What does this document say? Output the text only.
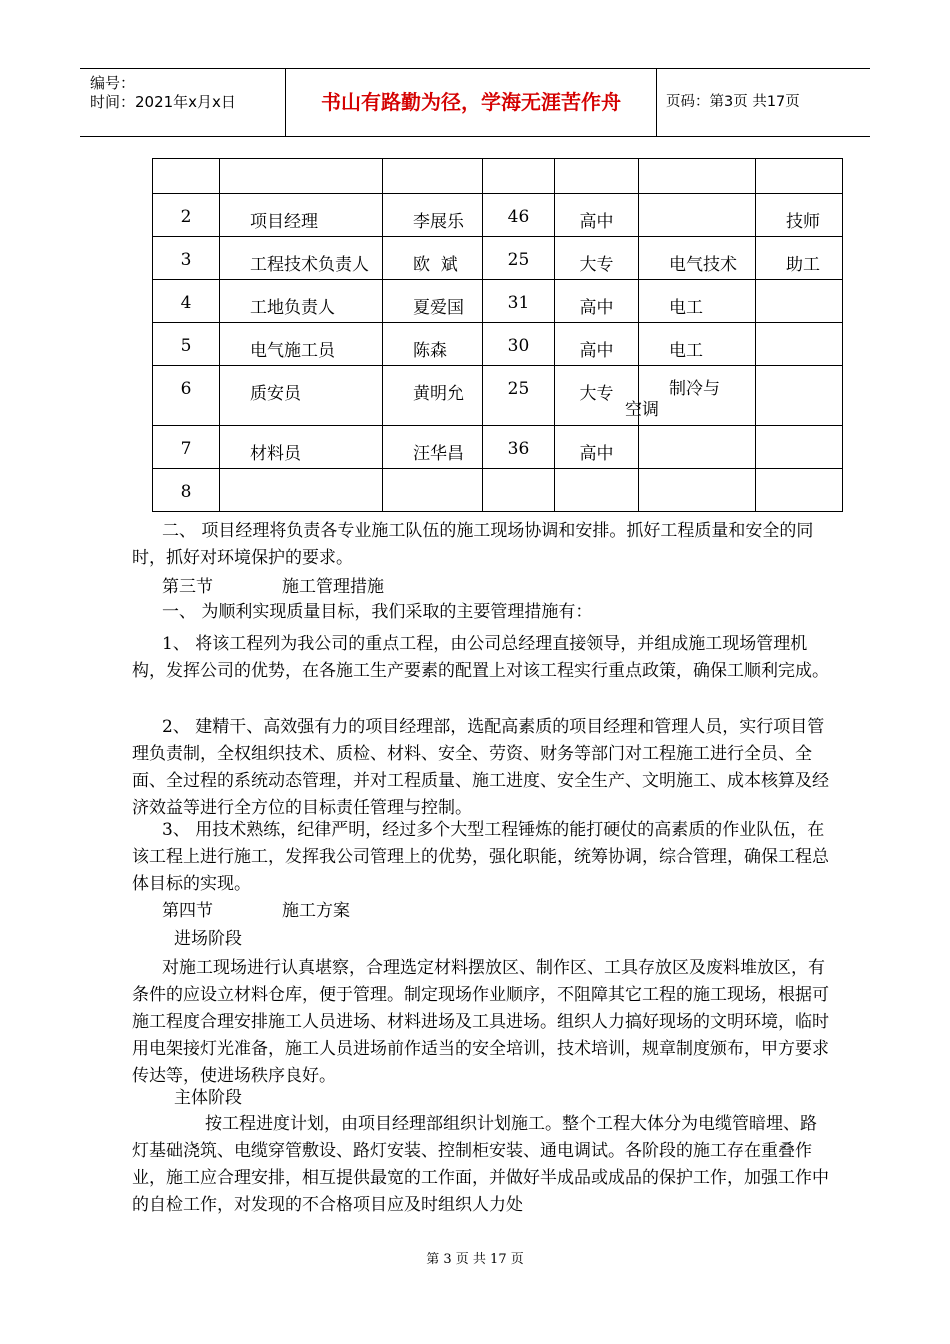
编号：
时间：2021年x月x日	书山有路勤为径，学海无涯苦作舟	页码：第3页 共17页

2	项目经理	李展乐	46	高中		技师

3	工程技术负责人	欧  斌	25	大专	电气技术	助工

4	工地负责人	夏爱国	31	高中	电工	

5	电气施工员	陈森	30	高中	电工	

6	质安员	黄明允	25	大专	制冷与空调	

7	材料员	汪华昌	36	高中		

8						

二、 项目经理将负责各专业施工队伍的施工现场协调和安排。抓好工程质量和安全的同时，抓好对环境保护的要求。
第三节	施工管理措施
一、 为顺利实现质量目标，我们采取的主要管理措施有：
1、 将该工程列为我公司的重点工程，由公司总经理直接领导，并组成施工现场管理机构，发挥公司的优势，在各施工生产要素的配置上对该工程实行重点政策，确保工顺利完成。
2、 建精干、高效强有力的项目经理部，选配高素质的项目经理和管理人员，实行项目管理负责制，全权组织技术、质检、材料、安全、劳资、财务等部门对工程施工进行全员、全面、全过程的系统动态管理，并对工程质量、施工进度、安全生产、文明施工、成本核算及经济效益等进行全方位的目标责任管理与控制。
3、 用技术熟练，纪律严明，经过多个大型工程锤炼的能打硬仗的高素质的作业队伍，在该工程上进行施工，发挥我公司管理上的优势，强化职能，统筹协调，综合管理，确保工程总体目标的实现。
第四节	施工方案
进场阶段
对施工现场进行认真堪察，合理选定材料摆放区、制作区、工具存放区及废料堆放区，有条件的应设立材料仓库，便于管理。制定现场作业顺序，不阻障其它工程的施工现场，根据可施工程度合理安排施工人员进场、材料进场及工具进场。组织人力搞好现场的文明环境，临时用电架接灯光准备，施工人员进场前作适当的安全培训，技术培训，规章制度颁布，甲方要求传达等，使进场秩序良好。
主体阶段
按工程进度计划，由项目经理部组织计划施工。整个工程大体分为电缆管暗埋、路灯基础浇筑、电缆穿管敷设、路灯安装、控制柜安装、通电调试。各阶段的施工存在重叠作业，施工应合理安排，相互提供最宽的工作面，并做好半成品或成品的保护工作，加强工作中的自检工作，对发现的不合格项目应及时组织人力处
第 3 页 共 17 页
